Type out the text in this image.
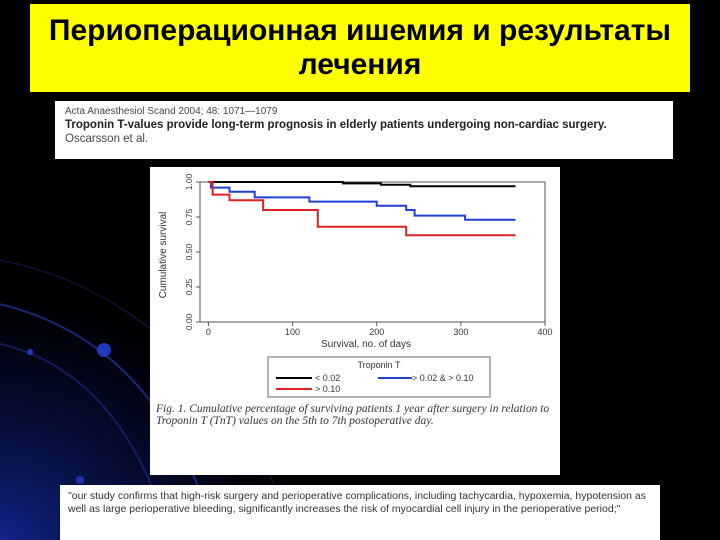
Периоперационная ишемия и результаты лечения
Acta Anaesthesiol Scand 2004; 48: 1071—1079
Troponin T-values provide long-term prognosis in elderly patients undergoing non-cardiac surgery.
Oscarsson et al.
0	100	200	300	400
0.00
0.25
0.50
0.75
1.00
Cumulative survival
Survival, no. of days
Troponin T
< 0.02	> 0.02 & > 0.10
> 0.10
Fig. 1. Cumulative percentage of surviving patients 1 year after surgery in relation to Troponin T (TnT) values on the 5th to 7th postoperative day.
"our study confirms that high-risk surgery and perioperative complications, including tachycardia, hypoxemia, hypotension as well as large perioperative bleeding, significantly increases the risk of myocardial cell injury in the perioperative period;"
